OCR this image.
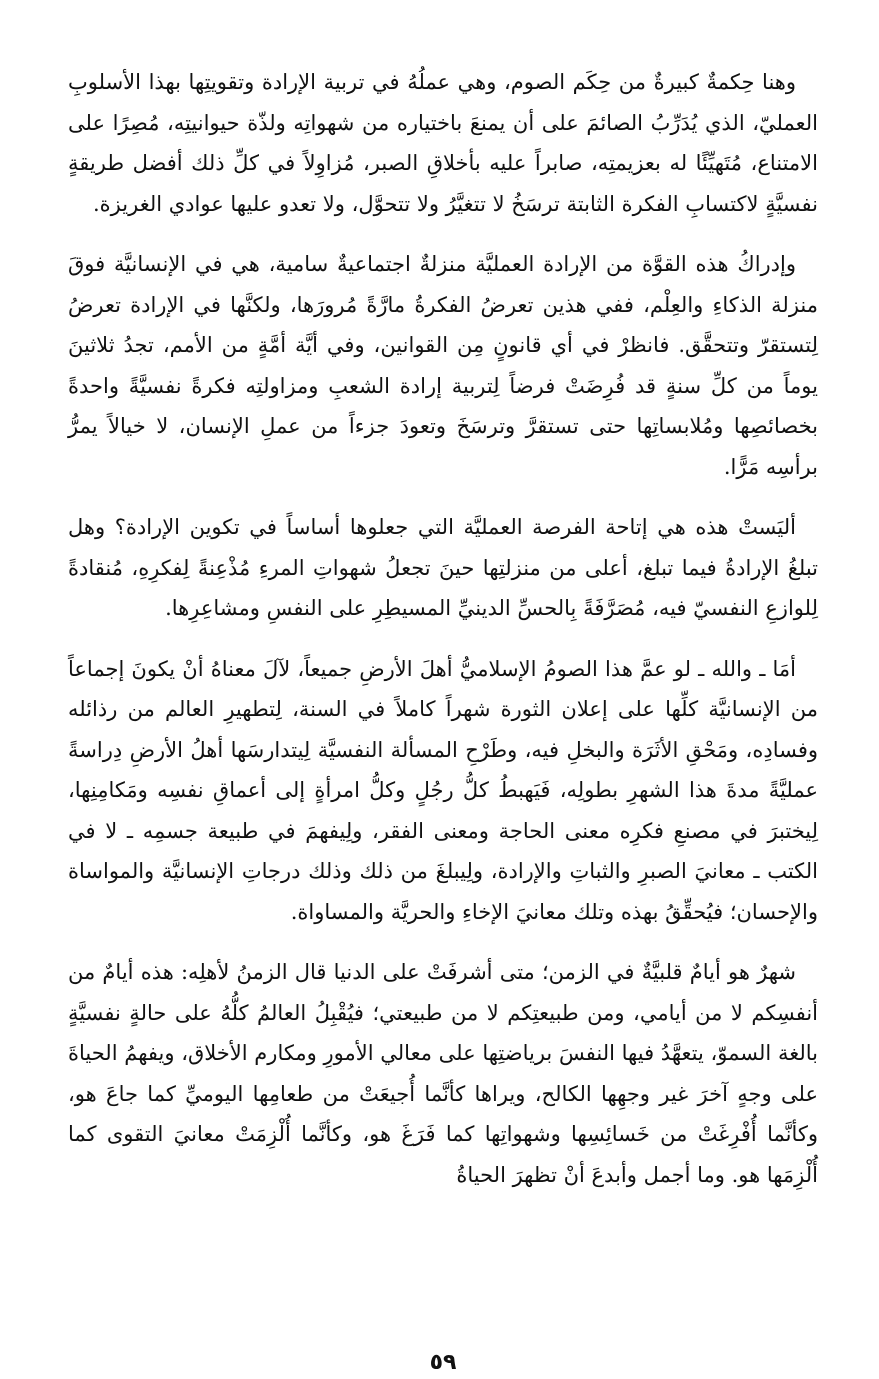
وهنا حِكمةٌ كبيرةٌ من حِكَم الصوم، وهي عملُهُ في تربية الإرادة وتقويتِها بهذا الأسلوبِ العمليّ، الذي يُدَرِّبُ الصائمَ على أن يمنعَ باختياره من شهواتِه ولذّة حيوانيتِه، مُصِرًا على الامتناع، مُتَهيِّئًا له بعزيمتِه، صابراً عليه بأخلاقِ الصبر، مُزاوِلاً في كلِّ ذلك أفضل طريقةٍ نفسيَّةٍ لاكتسابِ الفكرة الثابتة ترسَخُ لا تتغيَّرُ ولا تتحوَّل، ولا تعدو عليها عوادي الغريزة.

وإدراكُ هذه القوَّة من الإرادة العمليَّة منزلةٌ اجتماعيةٌ سامية، هي في الإنسانيَّة فوقَ منزلة الذكاءِ والعِلْم، ففي هذين تعرضُ الفكرةُ مارَّةً مُرورَها، ولكنَّها في الإرادة تعرضُ لِتستقرّ وتتحقَّق. فانظرْ في أي قانونٍ مِن القوانين، وفي أيَّة أمَّةٍ من الأمم، تجدُ ثلاثينَ يوماً من كلِّ سنةٍ قد فُرِضَتْ فرضاً لِتربية إرادة الشعبِ ومزاولتِه فكرةً نفسيَّةً واحدةً بخصائصِها ومُلابساتِها حتى تستقرَّ وترسَخَ وتعودَ جزءاً من عملِ الإنسان، لا خيالاً يمرُّ برأسِه مَرًّا.

أليَستْ هذه هي إتاحة الفرصة العمليَّة التي جعلوها أساساً في تكوين الإرادة؟ وهل تبلغُ الإرادةُ فيما تبلغ، أعلى من منزلتِها حينَ تجعلُ شهواتِ المرءِ مُذْعِنةً لِفكرِهِ، مُنقادةً لِلوازعِ النفسيّ فيه، مُصَرَّفَةً بِالحسِّ الدينيِّ المسيطِرِ على النفسِ ومشاعِرِها.

أمَا ـ والله ـ لو عمَّ هذا الصومُ الإسلاميُّ أهلَ الأرضِ جميعاً، لآلَ معناهُ أنْ يكونَ إجماعاً من الإنسانيَّة كلِّها على إعلان الثورة شهراً كاملاً في السنة، لِتطهيرِ العالم من رذائله وفسادِه، ومَحْقِ الأثَرَة والبخلِ فيه، وطَرْحِ المسألة النفسيَّة لِيتدارسَها أهلُ الأرضِ دِراسةً عمليَّةً مدةَ هذا الشهرِ بطولِه، فَيَهبطُ كلُّ رجُلٍ وكلُّ امرأةٍ إلى أعماقِ نفسِه ومَكامِنِها، لِيختبرَ في مصنعِ فكرِه معنى الحاجة ومعنى الفقر، ولِيفهمَ في طبيعة جسمِه ـ لا في الكتب ـ معانيَ الصبرِ والثباتِ والإرادة، ولِيبلغَ من ذلك وذلك درجاتِ الإنسانيَّة والمواساة والإحسان؛ فيُحقِّقُ بهذه وتلك معانيَ الإخاءِ والحريَّة والمساواة.

شهرٌ هو أيامٌ قلبيَّةٌ في الزمن؛ متى أشرفَتْ على الدنيا قال الزمنُ لأهلِه: هذه أيامٌ من أنفسِكم لا من أيامي، ومن طبيعتِكم لا من طبيعتي؛ فيُقْبِلُ العالمُ كلُّهُ على حالةٍ نفسيَّةٍ بالغة السموّ، يتعهَّدُ فيها النفسَ برياضتِها على معالي الأمورِ ومكارم الأخلاق، ويفهمُ الحياةَ على وجهٍ آخرَ غير وجهِها الكالح، ويراها كأنَّما أُجيعَتْ من طعامِها اليوميِّ كما جاعَ هو، وكأنَّما أُفْرِغَتْ من خَسائِسِها وشهواتِها كما فَرَغَ هو، وكأنَّما أُلْزِمَتْ معانيَ التقوى كما أُلْزِمَها هو. وما أجمل وأبدعَ أنْ تظهرَ الحياةُ

٥٩
